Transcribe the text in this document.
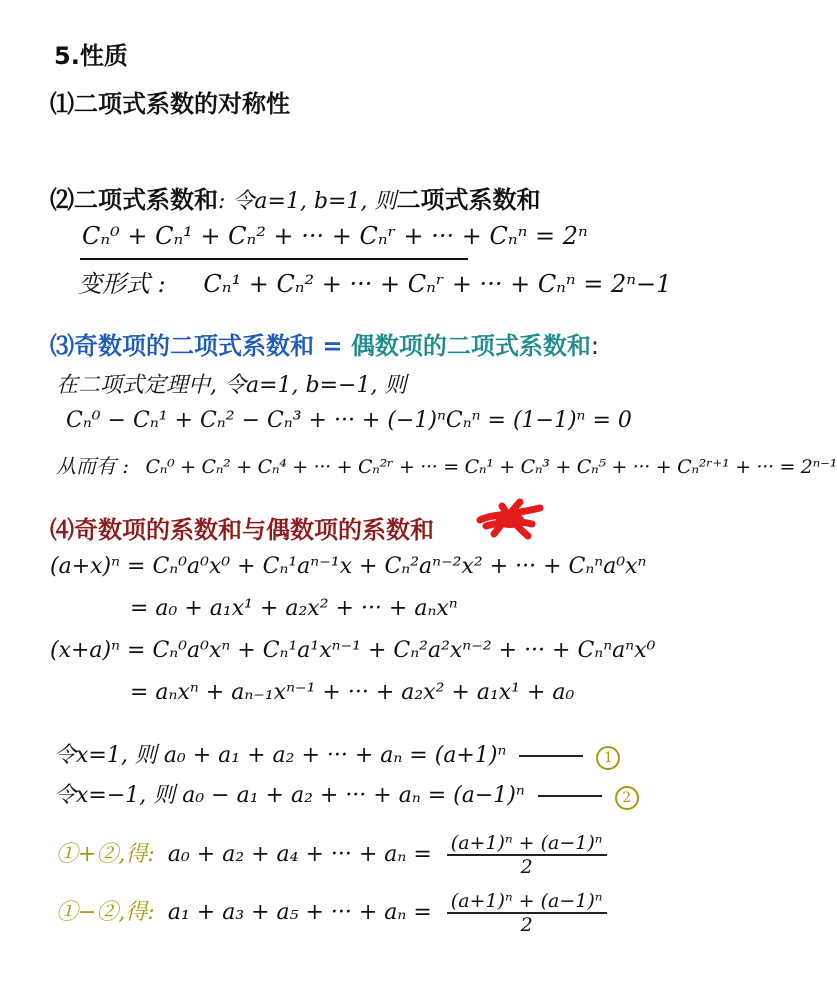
5.性质
⑴二项式系数的对称性
⑵二项式系数和: 令a=1, b=1, 则二项式系数和
Cₙ⁰ + Cₙ¹ + Cₙ² + ··· + Cₙʳ + ··· + Cₙⁿ = 2ⁿ
变形式 : Cₙ¹ + Cₙ² + ··· + Cₙʳ + ··· + Cₙⁿ = 2ⁿ−1
⑶奇数项的二项式系数和 = 偶数项的二项式系数和:
在二项式定理中, 令a=1, b=−1, 则
Cₙ⁰ − Cₙ¹ + Cₙ² − Cₙ³ + ··· + (−1)ⁿCₙⁿ = (1−1)ⁿ = 0
从而有 : Cₙ⁰ + Cₙ² + Cₙ⁴ + ··· + Cₙ²ʳ + ··· = Cₙ¹ + Cₙ³ + Cₙ⁵ + ··· + Cₙ²ʳ⁺¹ + ··· = 2ⁿ⁻¹
⑷奇数项的系数和与偶数项的系数和
(a+x)ⁿ = Cₙ⁰a⁰x⁰ + Cₙ¹aⁿ⁻¹x + Cₙ²aⁿ⁻²x² + ··· + Cₙⁿa⁰xⁿ
= a₀ + a₁x¹ + a₂x² + ··· + aₙxⁿ
(x+a)ⁿ = Cₙ⁰a⁰xⁿ + Cₙ¹a¹xⁿ⁻¹ + Cₙ²a²xⁿ⁻² + ··· + Cₙⁿaⁿx⁰
= aₙxⁿ + aₙ₋₁xⁿ⁻¹ + ··· + a₂x² + a₁x¹ + a₀
令x=1, 则 a₀ + a₁ + a₂ + ··· + aₙ = (a+1)ⁿ	1
令x=−1, 则 a₀ − a₁ + a₂ + ··· + aₙ = (a−1)ⁿ	2
①+②,得: a₀ + a₂ + a₄ + ··· + $a_n = \frac{\text{(a+1)ⁿ + (a−1)ⁿ}}{2}$
①−②,得: a₁ + a₃ + a₅ + ··· + $a_n = \frac{\text{(a+1)ⁿ + (a−1)ⁿ}}{2}$
